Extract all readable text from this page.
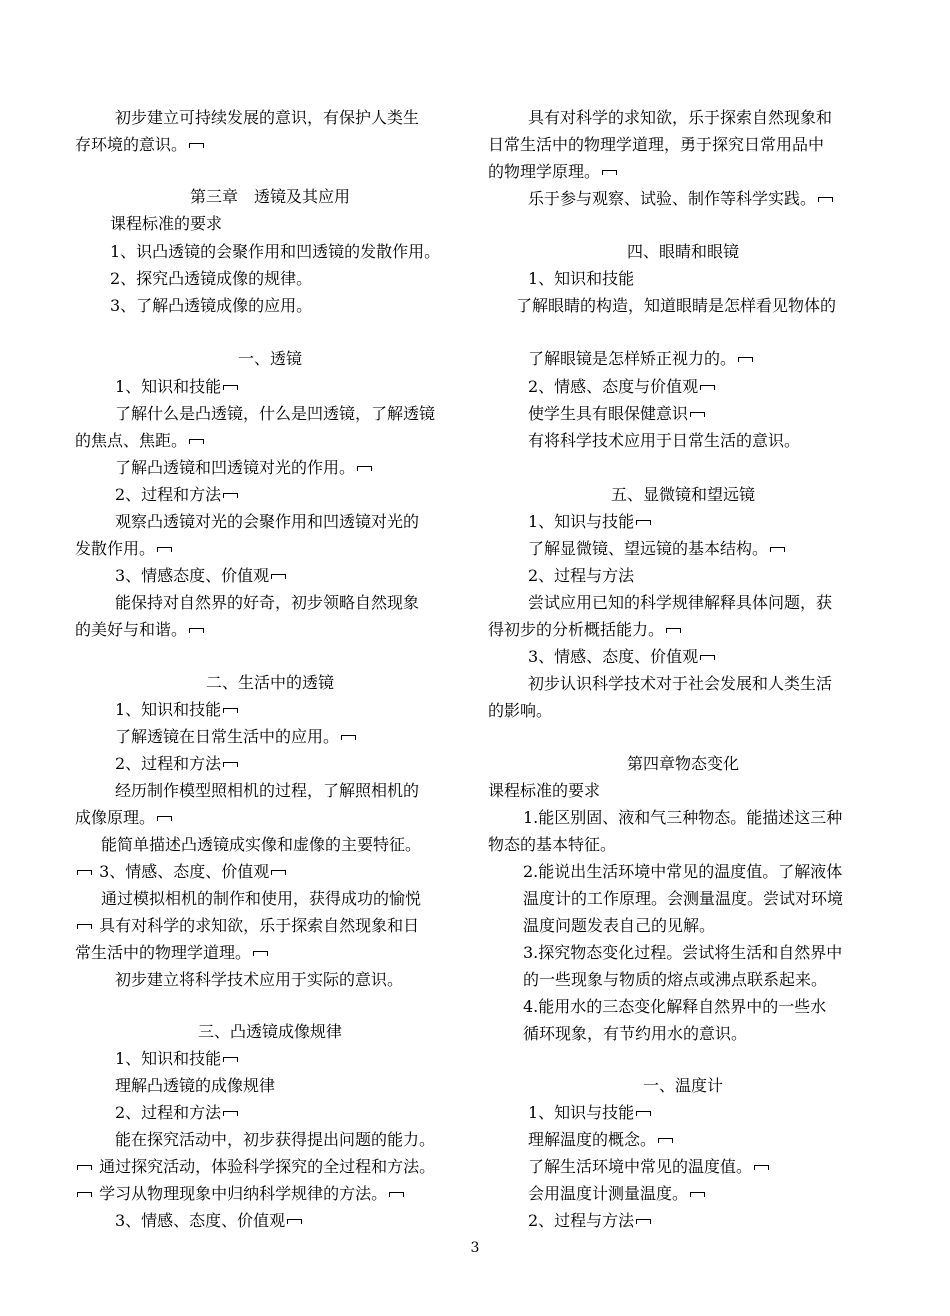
初步建立可持续发展的意识，有保护人类生
存环境的意识。
第三章　透镜及其应用
课程标准的要求
1、识凸透镜的会聚作用和凹透镜的发散作用。
2、探究凸透镜成像的规律。
3、了解凸透镜成像的应用。
一、透镜
1、知识和技能
了解什么是凸透镜，什么是凹透镜，了解透镜
的焦点、焦距。
了解凸透镜和凹透镜对光的作用。
2、过程和方法
观察凸透镜对光的会聚作用和凹透镜对光的
发散作用。
3、情感态度、价值观
能保持对自然界的好奇，初步领略自然现象
的美好与和谐。
二、生活中的透镜
1、知识和技能
了解透镜在日常生活中的应用。
2、过程和方法
经历制作模型照相机的过程，了解照相机的
成像原理。
能简单描述凸透镜成实像和虚像的主要特征。
3、情感、态度、价值观
通过模拟相机的制作和使用，获得成功的愉悦
具有对科学的求知欲，乐于探索自然现象和日
常生活中的物理学道理。
初步建立将科学技术应用于实际的意识。
三、凸透镜成像规律
1、知识和技能
理解凸透镜的成像规律
2、过程和方法
能在探究活动中，初步获得提出问题的能力。
通过探究活动，体验科学探究的全过程和方法。
学习从物理现象中归纳科学规律的方法。
3、情感、态度、价值观
具有对科学的求知欲，乐于探索自然现象和
日常生活中的物理学道理，勇于探究日常用品中
的物理学原理。
乐于参与观察、试验、制作等科学实践。
四、眼睛和眼镜
1、知识和技能
了解眼睛的构造，知道眼睛是怎样看见物体的
了解眼镜是怎样矫正视力的。
2、情感、态度与价值观
使学生具有眼保健意识
有将科学技术应用于日常生活的意识。
五、显微镜和望远镜
1、知识与技能
了解显微镜、望远镜的基本结构。
2、过程与方法
尝试应用已知的科学规律解释具体问题，获
得初步的分析概括能力。
3、情感、态度、价值观
初步认识科学技术对于社会发展和人类生活
的影响。
第四章物态变化
课程标准的要求
1.能区别固、液和气三种物态。能描述这三种
物态的基本特征。
2.能说出生活环境中常见的温度值。了解液体
温度计的工作原理。会测量温度。尝试对环境
温度问题发表自己的见解。
3.探究物态变化过程。尝试将生活和自然界中
的一些现象与物质的熔点或沸点联系起来。
4.能用水的三态变化解释自然界中的一些水
循环现象，有节约用水的意识。
一、温度计
1、知识与技能
理解温度的概念。
了解生活环境中常见的温度值。
会用温度计测量温度。
2、过程与方法
3
